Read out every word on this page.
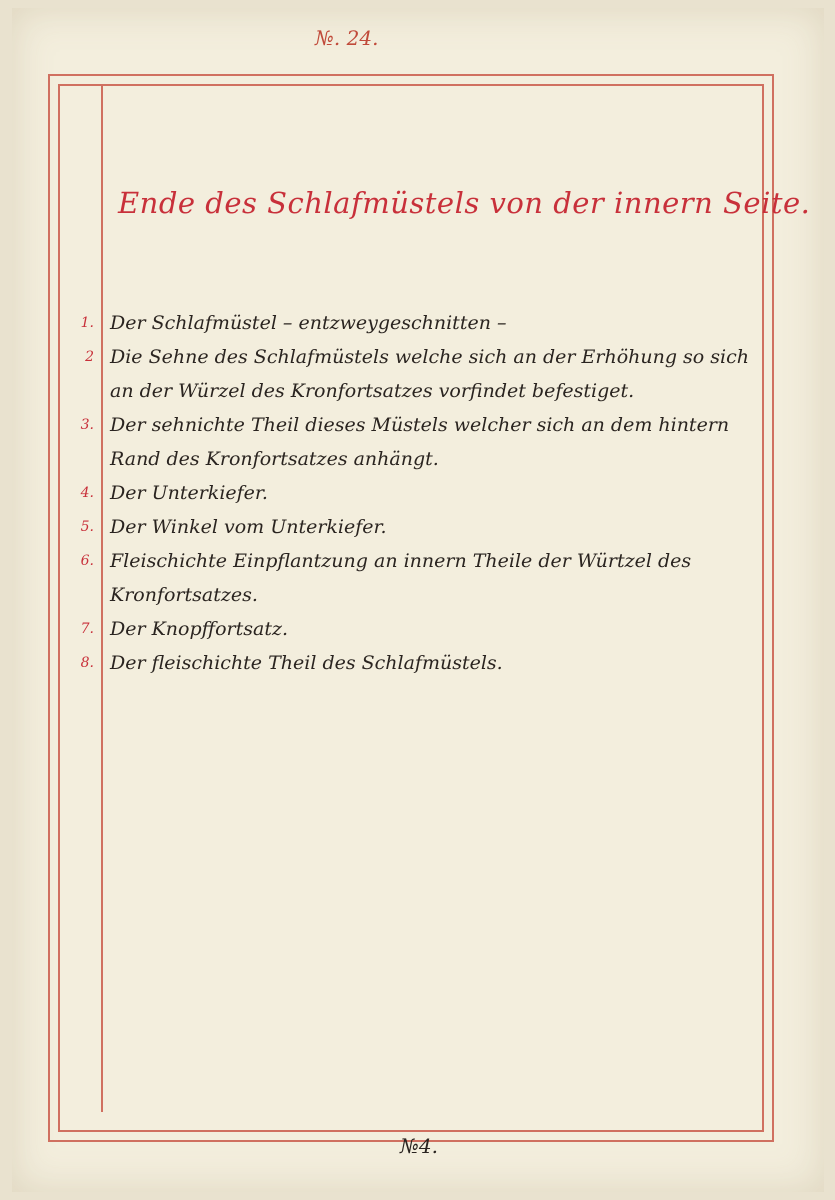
№. 24.
Ende des Schlafmüstels von der innern Seite.
1. Der Schlafmüstel – entzweygeschnitten –
2 Die Sehne des Schlafmüstels welche sich an der Erhöhung so sich an der Würzel des Kronfortsatzes vorfindet befestiget.
3. Der sehnichte Theil dieses Müstels welcher sich an dem hintern Rand des Kronfortsatzes anhängt.
4. Der Unterkiefer.
5. Der Winkel vom Unterkiefer.
6. Fleischichte Einpflantzung an innern Theile der Würtzel des Kronfortsatzes.
7. Der Knopffortsatz.
8. Der fleischichte Theil des Schlafmüstels.
№4.
